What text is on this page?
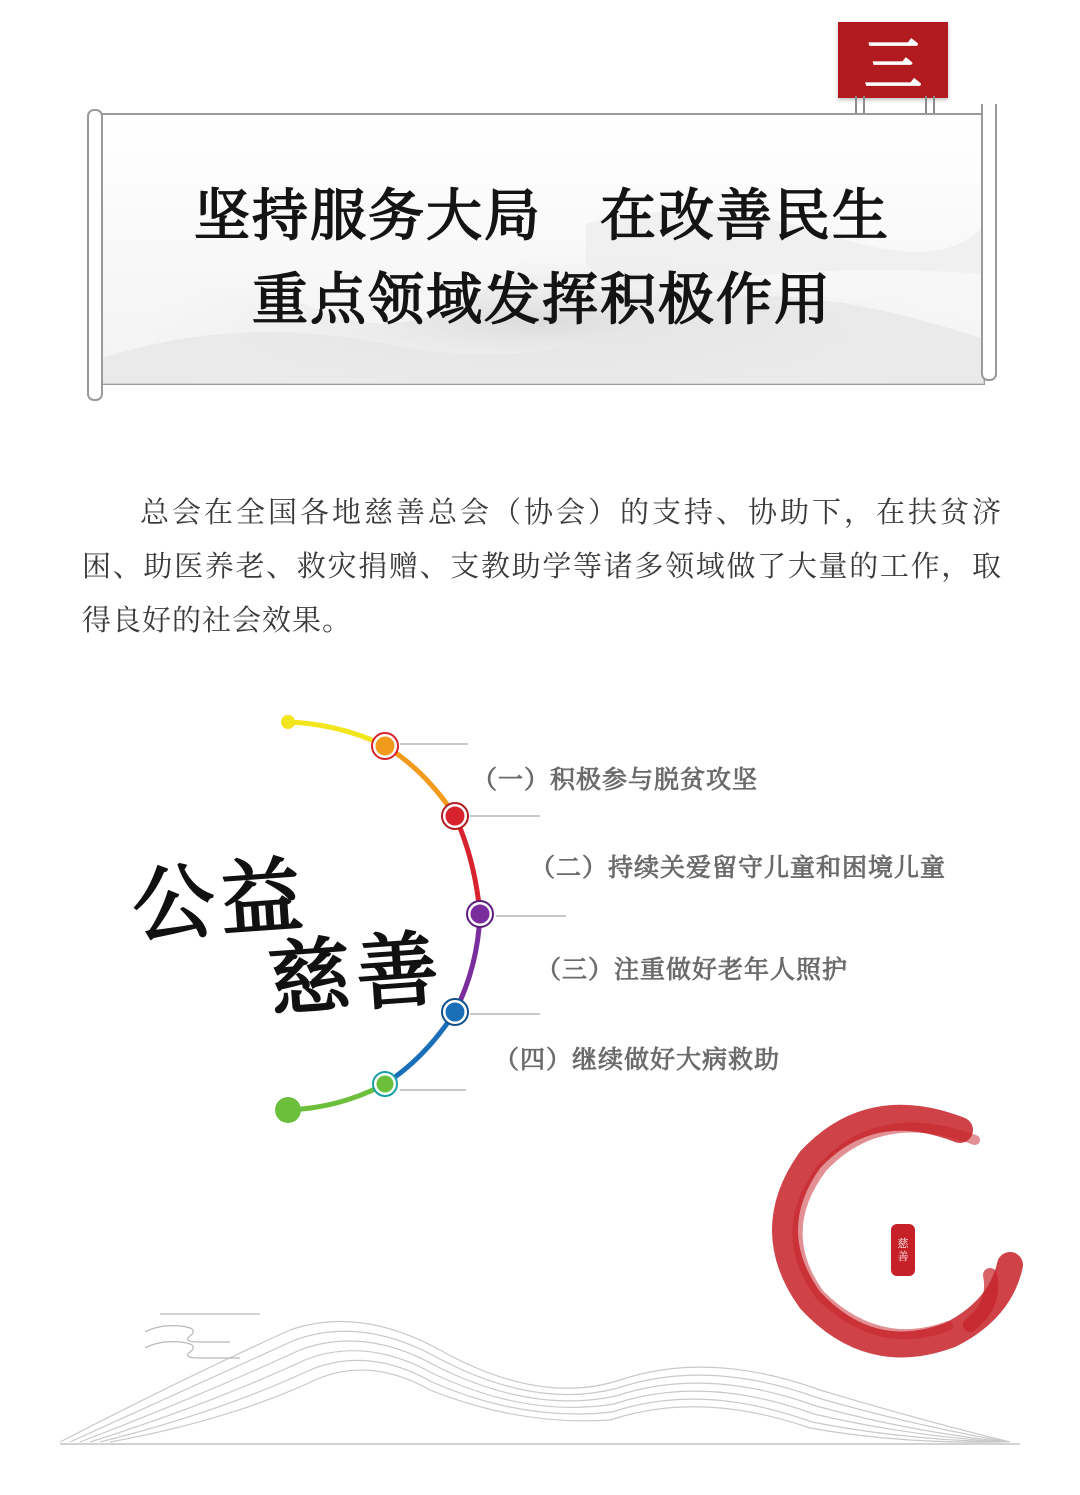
三
坚持服务大局　在改善民生
重点领域发挥积极作用

总会在全国各地慈善总会（协会）的支持、协助下，在扶贫济困、助医养老、救灾捐赠、支教助学等诸多领域做了大量的工作，取得良好的社会效果。

公益
慈善
（一）积极参与脱贫攻坚
（二）持续关爱留守儿童和困境儿童
（三）注重做好老年人照护
（四）继续做好大病救助
慈
善
